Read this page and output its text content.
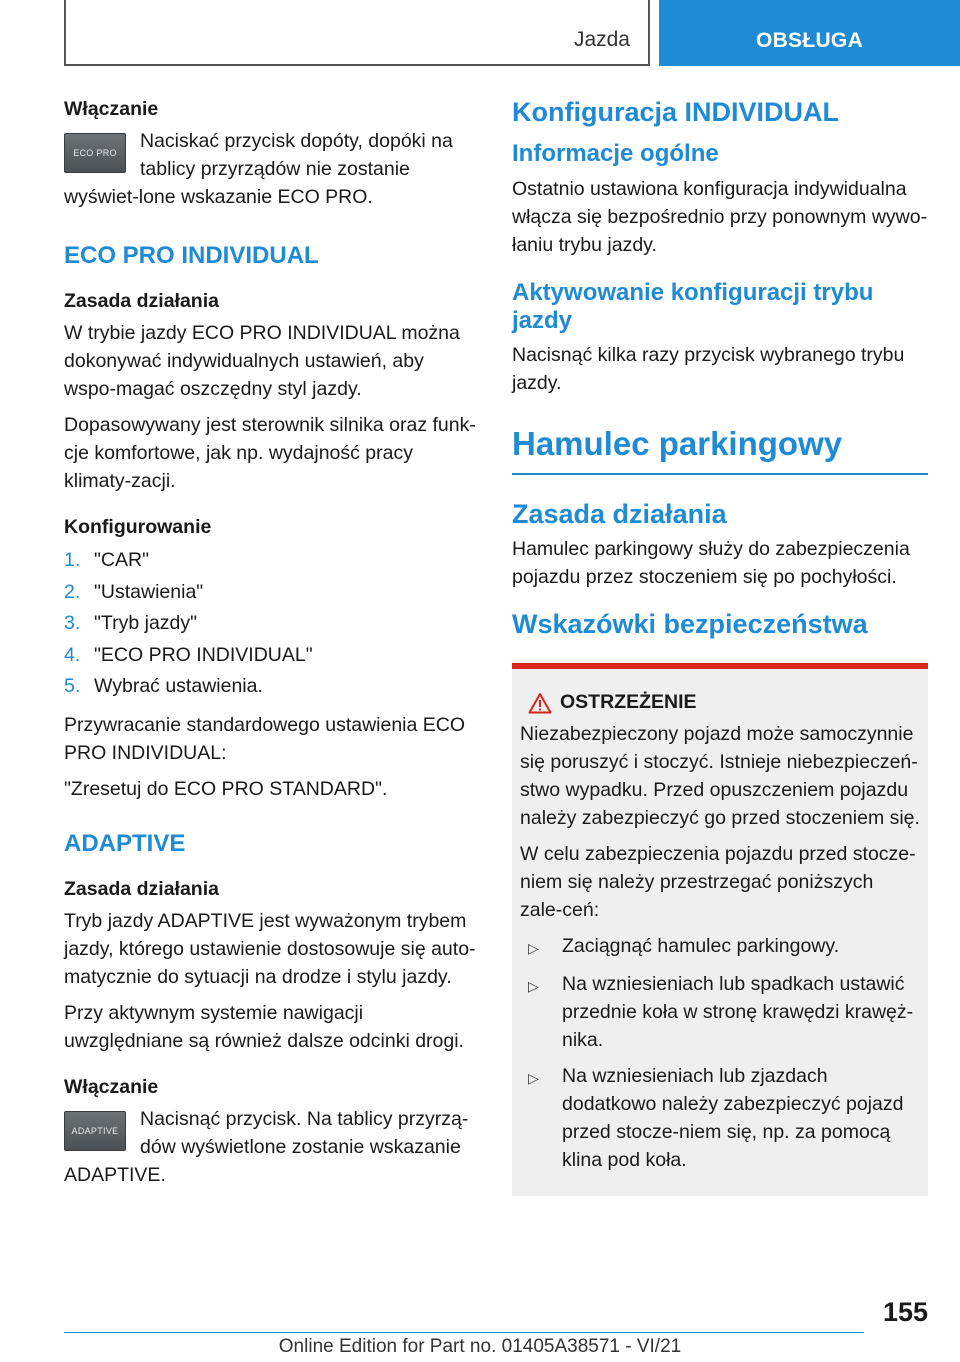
Jazda	OBSŁUGA
Włączanie
ECO PRO

Naciskać przycisk dopóty, dopóki na tablicy przyrządów nie zostanie wyświet-lone wskazanie ECO PRO.

ECO PRO INDIVIDUAL
Zasada działania

W trybie jazdy ECO PRO INDIVIDUAL można dokonywać indywidualnych ustawień, aby wspo-magać oszczędny styl jazdy.

Dopasowywany jest sterownik silnika oraz funk-cje komfortowe, jak np. wydajność pracy klimaty-zacji.

Konfigurowanie
1. "CAR"
2. "Ustawienia"
3. "Tryb jazdy"
4. "ECO PRO INDIVIDUAL"
5. Wybrać ustawienia.

Przywracanie standardowego ustawienia ECO PRO INDIVIDUAL:

"Zresetuj do ECO PRO STANDARD".

ADAPTIVE
Zasada działania

Tryb jazdy ADAPTIVE jest wyważonym trybem jazdy, którego ustawienie dostosowuje się auto-matycznie do sytuacji na drodze i stylu jazdy.

Przy aktywnym systemie nawigacji uwzględniane są również dalsze odcinki drogi.

Włączanie
ADAPTIVE

Nacisnąć przycisk. Na tablicy przyrzą-dów wyświetlone zostanie wskazanie ADAPTIVE.

Konfiguracja INDIVIDUAL
Informacje ogólne

Ostatnio ustawiona konfiguracja indywidualna włącza się bezpośrednio przy ponownym wywo-łaniu trybu jazdy.

Aktywowanie konfiguracji trybu jazdy

Nacisnąć kilka razy przycisk wybranego trybu jazdy.

Hamulec parkingowy
Zasada działania

Hamulec parkingowy służy do zabezpieczenia pojazdu przez stoczeniem się po pochyłości.

Wskazówki bezpieczeństwa
OSTRZEŻENIE

Niezabezpieczony pojazd może samoczynnie się poruszyć i stoczyć. Istnieje niebezpieczeń-stwo wypadku. Przed opuszczeniem pojazdu należy zabezpieczyć go przed stoczeniem się.

W celu zabezpieczenia pojazdu przed stocze-niem się należy przestrzegać poniższych zale-ceń:

▷	Zaciągnąć hamulec parkingowy.
▷	Na wzniesieniach lub spadkach ustawić przednie koła w stronę krawędzi krawęż-nika.
▷	Na wzniesieniach lub zjazdach dodatkowo należy zabezpieczyć pojazd przed stocze-niem się, np. za pomocą klina pod koła.
155
Online Edition for Part no. 01405A38571 - VI/21
